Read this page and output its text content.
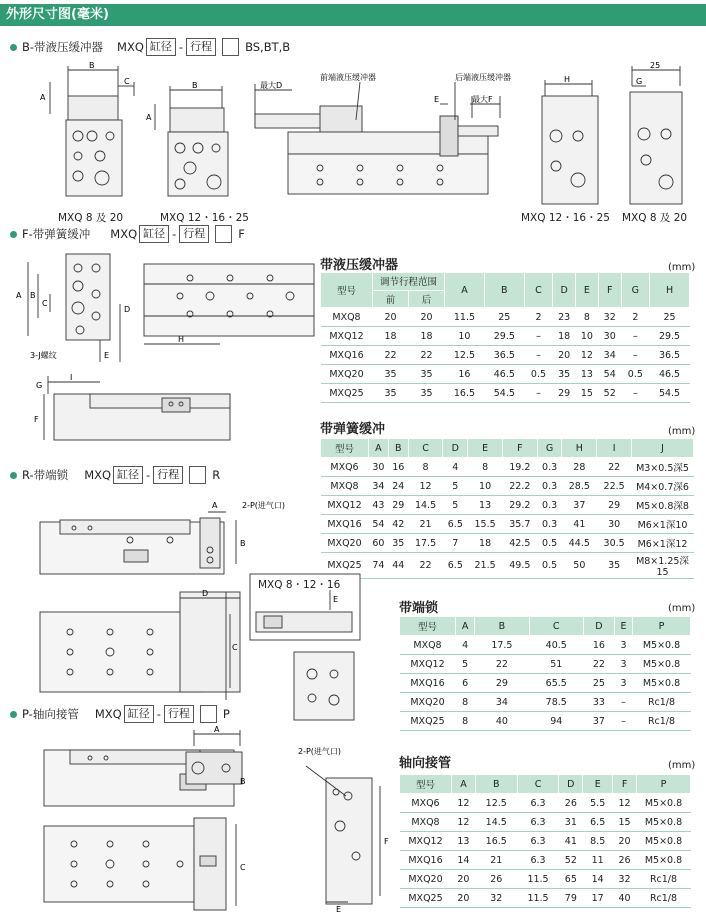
外形尺寸图(毫米)
B-带液压缓冲器 MXQ 缸径 - 行程	BS,BT,B
B
C
A
B
A
最大D
前端液压缓冲器	后端液压缓冲器
E	最大F
H
25
G
MXQ 8 及 20	MXQ 12・16・25	MXQ 12・16・25 MXQ 8 及 20
F-带弹簧缓冲 MXQ 缸径 - 行程	F
A B
C
D
E
3-J螺纹
H
G
I
F
带液压缓冲器	(mm)
型号	调节行程范围		A	B	C	D	E	F	G	H
	前	后								
MXQ8	20	20	11.5	25	2	23	8	32	2	25
MXQ12	18	18	10	29.5	–	18	10	30	–	29.5
MXQ16	22	22	12.5	36.5	–	20	12	34	–	36.5
MXQ20	35	35	16	46.5	0.5	35	13	54	0.5	46.5
MXQ25	35	35	16.5	54.5	–	29	15	52	–	54.5
带弹簧缓冲	(mm)
型号	A	B	C	D	E	F	G	H	I	J
MXQ6	30	16	8	4	8	19.2	0.3	28	22	M3×0.5深5
MXQ8	34	24	12	5	10	22.2	0.3	28.5	22.5	M4×0.7深6
MXQ12	43	29	14.5	5	13	29.2	0.3	37	29	M5×0.8深8
MXQ16	54	42	21	6.5	15.5	35.7	0.3	41	30	M6×1深10
MXQ20	60	35	17.5	7	18	42.5	0.5	44.5	30.5	M6×1深12
MXQ25	74	44	22	6.5	21.5	49.5	0.5	50	35	M8×1.25深15
R-带端锁 MXQ 缸径 - 行程	R
A
B
2-P(进气口)
D
C
E
MXQ 8・12・16
带端锁	(mm)
型号	A	B	C	D	E	P
MXQ8	4	17.5	40.5	16	3	M5×0.8
MXQ12	5	22	51	22	3	M5×0.8
MXQ16	6	29	65.5	25	3	M5×0.8
MXQ20	8	34	78.5	33	–	Rc1/8
MXQ25	8	40	94	37	–	Rc1/8
P-轴向接管 MXQ 缸径 - 行程	P
A
B
C
2-P(进气口)
F
E
轴向接管	(mm)
型号	A	B	C	D	E	F	P
MXQ6	12	12.5	6.3	26	5.5	12	M5×0.8
MXQ8	12	14.5	6.3	31	6.5	15	M5×0.8
MXQ12	13	16.5	6.3	41	8.5	20	M5×0.8
MXQ16	14	21	6.3	52	11	26	M5×0.8
MXQ20	20	26	11.5	65	14	32	Rc1/8
MXQ25	20	32	11.5	79	17	40	Rc1/8
